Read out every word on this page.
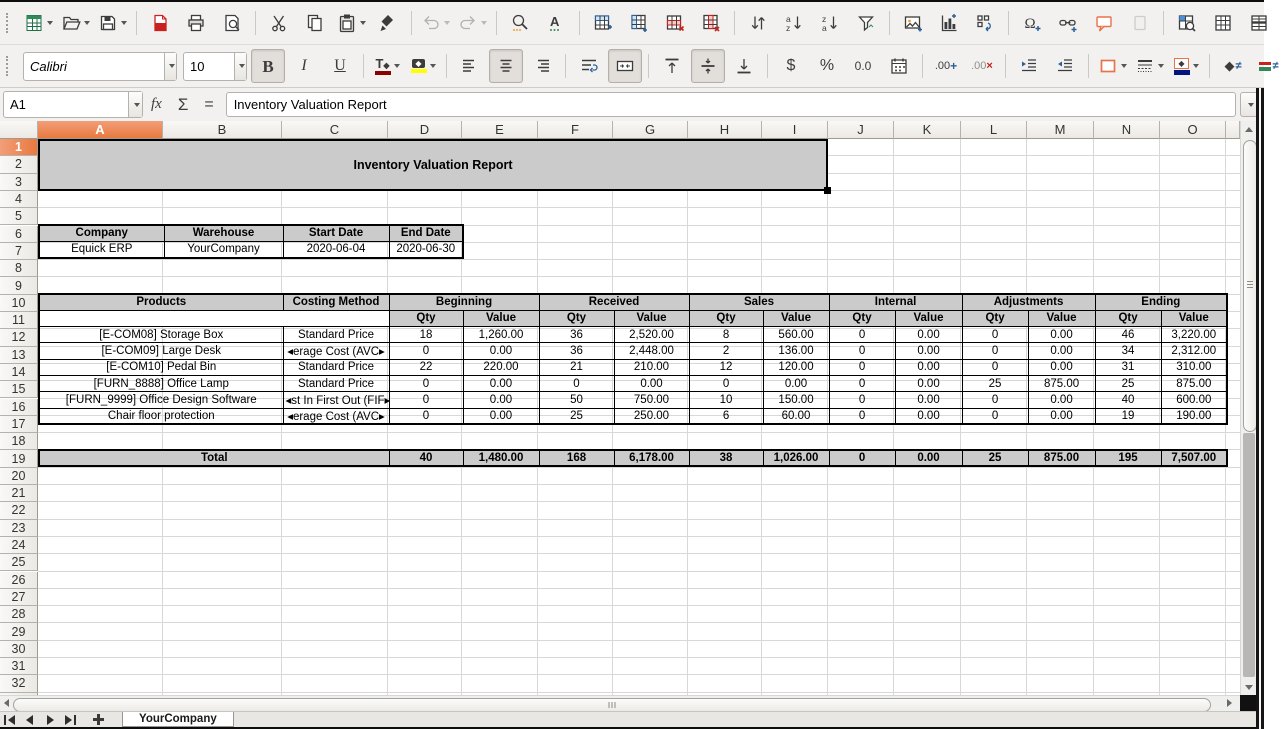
A	a
z
z
a	Ω
Calibri
10
B I U T◆	◆	$ % 0.0	.00 + .00 ×	◆	◆ ≠	≠
A1
fx Σ	=
Inventory Valuation Report
A	B	C	D	E	F	G	H	I	J	K	L	M	N	O
1
2
3
4
5
6
7
8
9
10
11
12
13
14
15
16
17
18
19
20
21
22
23
24
25
26
27
28
29
30
31
32
Inventory Valuation Report
Company	Warehouse	Start Date	End Date
Equick ERP	YourCompany	2020-06-04	2020-06-30
Products	Costing Method	Beginning		Received		Sales		Internal		Adjustments		Ending	
		Qty	Value	Qty	Value	Qty	Value	Qty	Value	Qty	Value	Qty	Value
[E-COM08] Storage Box	Standard Price	18	1,260.00	36	2,520.00	8	560.00	0	0.00	0	0.00	46	3,220.00
[E-COM09] Large Desk	◂erage Cost (AVC▸	0	0.00	36	2,448.00	2	136.00	0	0.00	0	0.00	34	2,312.00
[E-COM10] Pedal Bin	Standard Price	22	220.00	21	210.00	12	120.00	0	0.00	0	0.00	31	310.00
[FURN_8888] Office Lamp	Standard Price	0	0.00	0	0.00	0	0.00	0	0.00	25	875.00	25	875.00
[FURN_9999] Office Design Software	◂st In First Out (FIF▸	0	0.00	50	750.00	10	150.00	0	0.00	0	0.00	40	600.00
Chair floor protection	◂erage Cost (AVC▸	0	0.00	25	250.00	6	60.00	0	0.00	0	0.00	19	190.00
Total	40	1,480.00	168	6,178.00	38	1,026.00	0	0.00	25	875.00	195	7,507.00
YourCompany
